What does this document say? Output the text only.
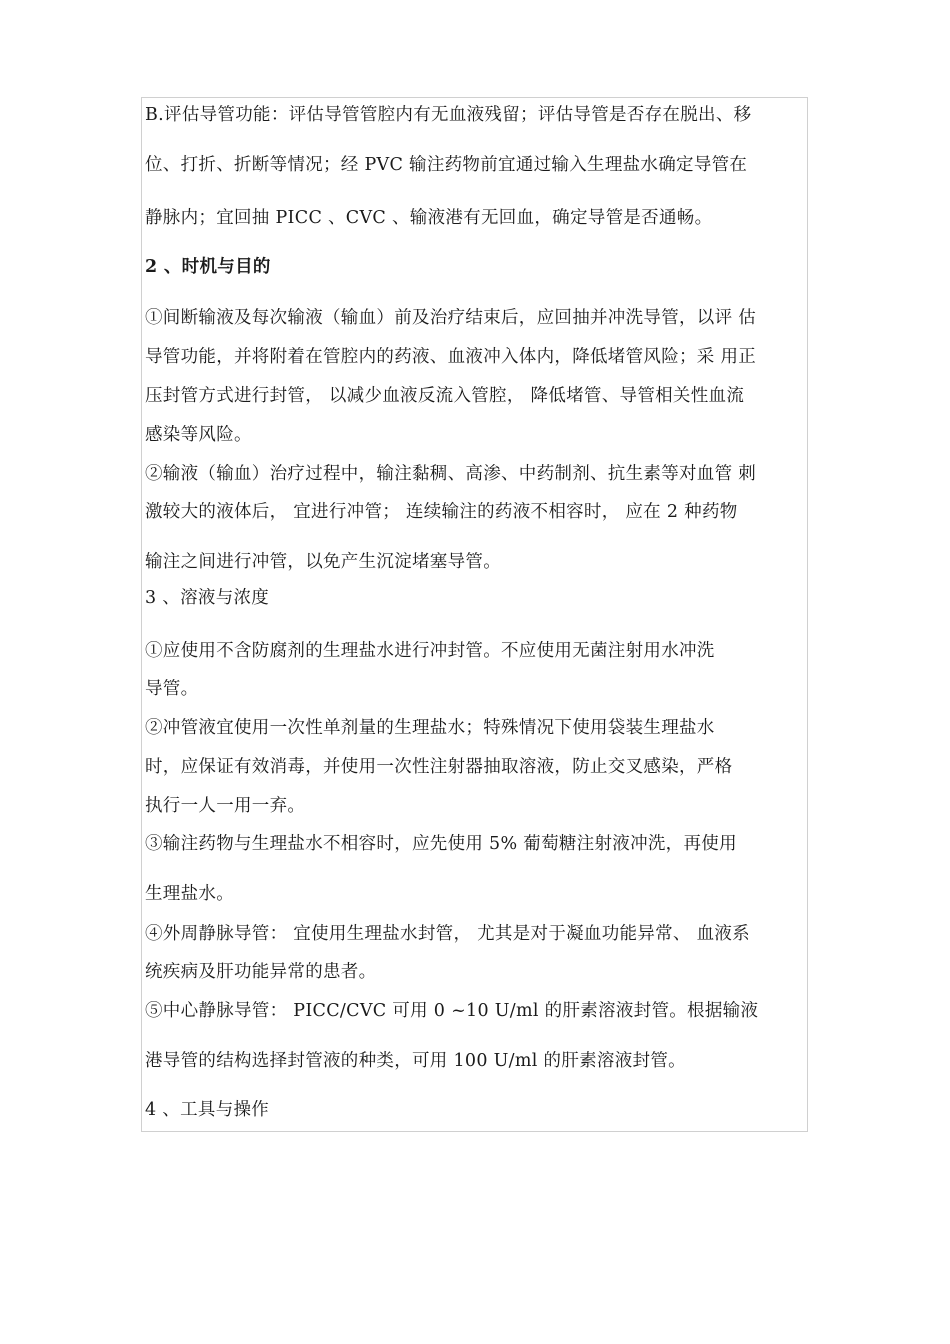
B.评估导管功能：评估导管管腔内有无血液残留；评估导管是否存在脱出、移
位、打折、折断等情况；经 PVC 输注药物前宜通过输入生理盐水确定导管在
静脉内；宜回抽 PICC 、CVC 、输液港有无回血，确定导管是否通畅。
2 、时机与目的
①间断输液及每次输液（输血）前及治疗结束后，应回抽并冲洗导管，以评 估
导管功能，并将附着在管腔内的药液、血液冲入体内，降低堵管风险；采 用正
压封管方式进行封管， 以减少血液反流入管腔， 降低堵管、导管相关性血流
感染等风险。
②输液（输血）治疗过程中，输注黏稠、高渗、中药制剂、抗生素等对血管 刺
激较大的液体后， 宜进行冲管； 连续输注的药液不相容时， 应在 2 种药物
输注之间进行冲管，以免产生沉淀堵塞导管。
3 、溶液与浓度
①应使用不含防腐剂的生理盐水进行冲封管。不应使用无菌注射用水冲洗
导管。
②冲管液宜使用一次性单剂量的生理盐水；特殊情况下使用袋装生理盐水
时，应保证有效消毒，并使用一次性注射器抽取溶液，防止交叉感染，严格
执行一人一用一弃。
③输注药物与生理盐水不相容时，应先使用 5% 葡萄糖注射液冲洗，再使用
生理盐水。
④外周静脉导管： 宜使用生理盐水封管， 尤其是对于凝血功能异常、 血液系
统疾病及肝功能异常的患者。
⑤中心静脉导管： PICC/CVC 可用 0 ~10 U/ml 的肝素溶液封管。根据输液
港导管的结构选择封管液的种类，可用 100 U/ml 的肝素溶液封管。
4 、工具与操作
